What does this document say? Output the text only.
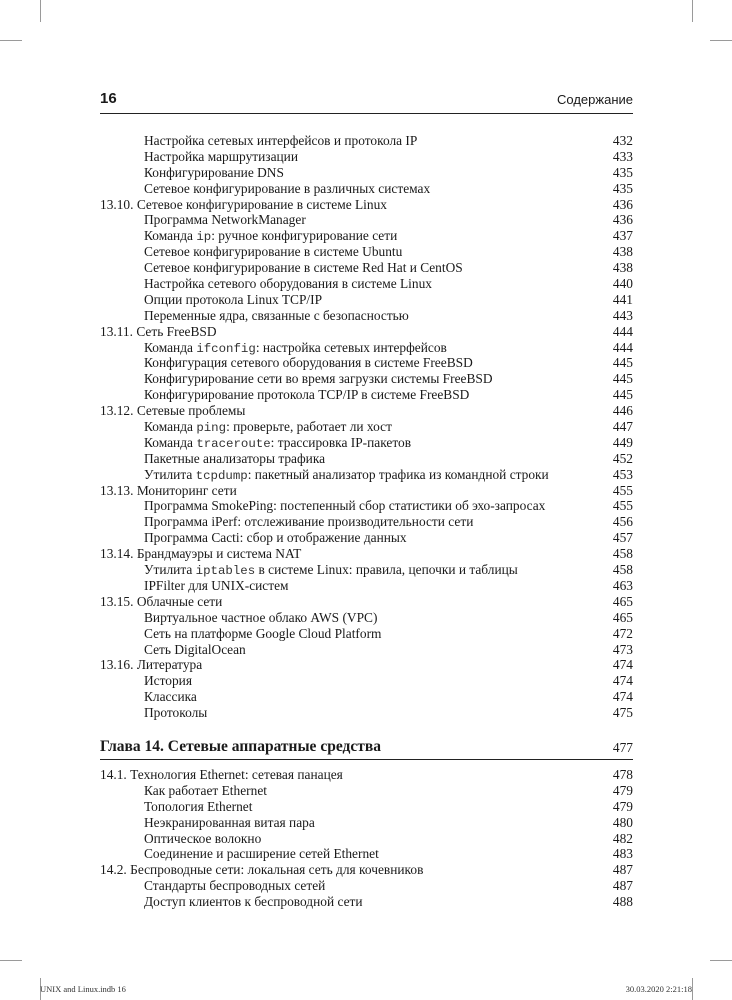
16	Содержание
Настройка сетевых интерфейсов и протокола IP	432
Настройка маршрутизации	433
Конфигурирование DNS	435
Сетевое конфигурирование в различных системах	435
13.10. Сетевое конфигурирование в системе Linux	436
Программа NetworkManager	436
Команда ip: ручное конфигурирование сети	437
Сетевое конфигурирование в системе Ubuntu	438
Сетевое конфигурирование в системе Red Hat и CentOS	438
Настройка сетевого оборудования в системе Linux	440
Опции протокола Linux TCP/IP	441
Переменные ядра, связанные с безопасностью	443
13.11. Сеть FreeBSD	444
Команда ifconfig: настройка сетевых интерфейсов	444
Конфигурация сетевого оборудования в системе FreeBSD	445
Конфигурирование сети во время загрузки системы FreeBSD	445
Конфигурирование протокола TCP/IP в системе FreeBSD	445
13.12. Сетевые проблемы	446
Команда ping: проверьте, работает ли хост	447
Команда traceroute: трассировка IP-пакетов	449
Пакетные анализаторы трафика	452
Утилита tcpdump: пакетный анализатор трафика из командной строки	453
13.13. Мониторинг сети	455
Программа SmokePing: постепенный сбор статистики об эхо-запросах	455
Программа iPerf: отслеживание производительности сети	456
Программа Cacti: сбор и отображение данных	457
13.14. Брандмауэры и система NAT	458
Утилита iptables в системе Linux: правила, цепочки и таблицы	458
IPFilter для UNIX-систем	463
13.15. Облачные сети	465
Виртуальное частное облако AWS (VPC)	465
Сеть на платформе Google Cloud Platform	472
Сеть DigitalOcean	473
13.16. Литература	474
История	474
Классика	474
Протоколы	475
Глава 14. Сетевые аппаратные средства	477
14.1. Технология Ethernet: сетевая панацея	478
Как работает Ethernet	479
Топология Ethernet	479
Неэкранированная витая пара	480
Оптическое волокно	482
Соединение и расширение сетей Ethernet	483
14.2. Беспроводные сети: локальная сеть для кочевников	487
Стандарты беспроводных сетей	487
Доступ клиентов к беспроводной сети	488
UNIX and Linux.indb 16	30.03.2020 2:21:18
